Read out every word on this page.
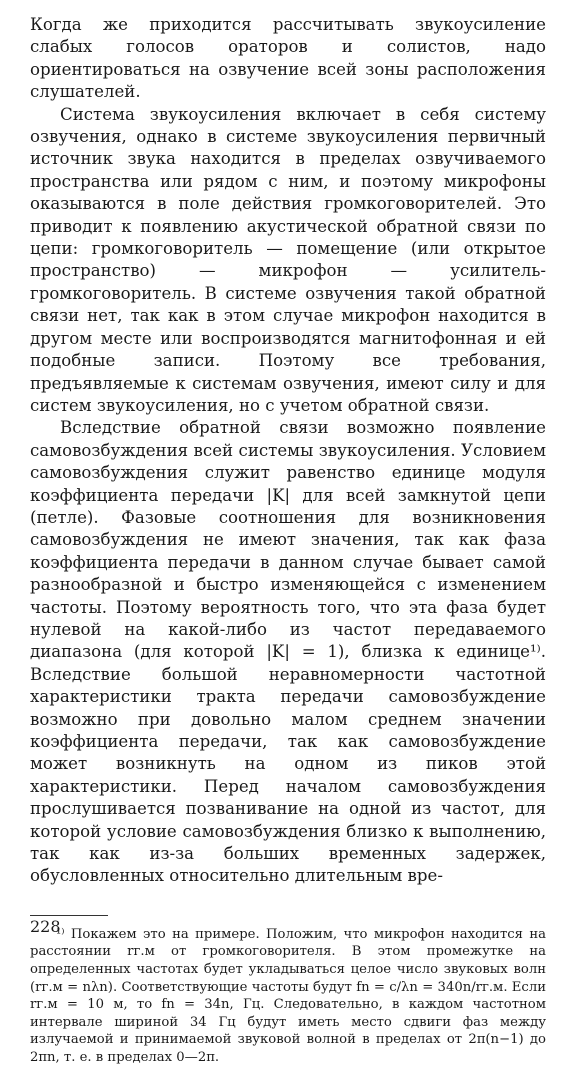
Когда же приходится рассчитывать звукоусиление слабых голосов ораторов и солистов, надо ориентироваться на озвучение всей зоны расположения слушателей.

Система звукоусиления включает в себя систему озвучения, однако в системе звукоусиления первичный источник звука находится в пределах озвучиваемого пространства или рядом с ним, и поэтому микрофоны оказываются в поле действия громкоговорителей. Это приводит к появлению акустической обратной связи по цепи: громкоговоритель — помещение (или открытое пространство) — микрофон — усилитель-громкоговоритель. В системе озвучения такой обратной связи нет, так как в этом случае микрофон находится в другом месте или воспроизводятся магнитофонная и ей подобные записи. Поэтому все требования, предъявляемые к системам озвучения, имеют силу и для систем звукоусиления, но с учетом обратной связи.

Вследствие обратной связи возможно появление самовозбуждения всей системы звукоусиления. Условием самовозбуждения служит равенство единице модуля коэффициента передачи |K| для всей замкнутой цепи (петле). Фазовые соотношения для возникновения самовозбуждения не имеют значения, так как фаза коэффициента передачи в данном случае бывает самой разнообразной и быстро изменяющейся с изменением частоты. Поэтому вероятность того, что эта фаза будет нулевой на какой-либо из частот передаваемого диапазона (для которой |K| = 1), близка к единице¹⁾. Вследствие большой неравномерности частотной характеристики тракта передачи самовозбуждение возможно при довольно малом среднем значении коэффициента передачи, так как самовозбуждение может возникнуть на одном из пиков этой характеристики. Перед началом самовозбуждения прослушивается позванивание на одной из частот, для которой условие самовозбуждения близко к выполнению, так как из-за больших временных задержек, обусловленных относительно длительным вре-

¹⁾ Покажем это на примере. Положим, что микрофон находится на расстоянии rг.м от громкоговорителя. В этом промежутке на определенных частотах будет укладываться целое число звуковых волн (rг.м = nλn). Соответствующие частоты будут fn = c/λn = 340n/rг.м. Если rг.м = 10 м, то fn = 34n, Гц. Следовательно, в каждом частотном интервале шириной 34 Гц будут иметь место сдвиги фаз между излучаемой и принимаемой звуковой волной в пределах от 2π(n−1) до 2πn, т. е. в пределах 0—2π.

228
